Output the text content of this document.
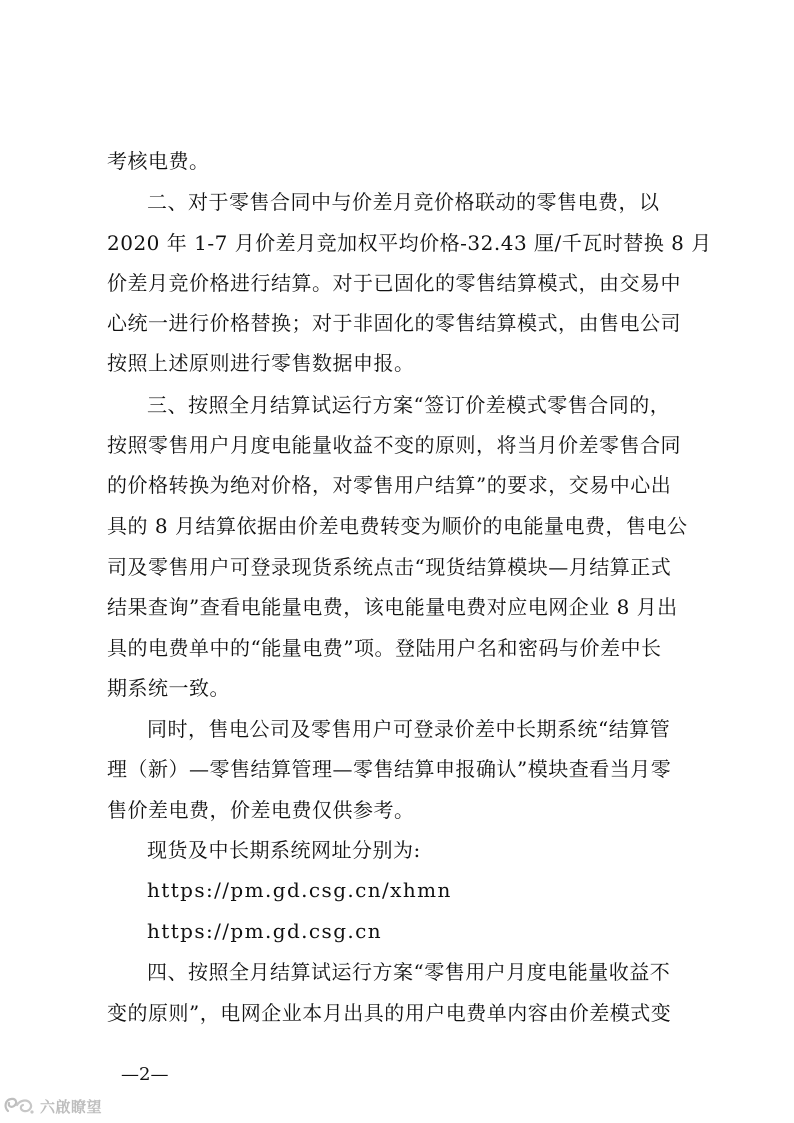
考核电费。
二、对于零售合同中与价差月竞价格联动的零售电费，以
2020 年 1-7 月价差月竞加权平均价格-32.43 厘/千瓦时替换 8 月
价差月竞价格进行结算。对于已固化的零售结算模式，由交易中
心统一进行价格替换；对于非固化的零售结算模式，由售电公司
按照上述原则进行零售数据申报。
三、按照全月结算试运行方案“签订价差模式零售合同的，
按照零售用户月度电能量收益不变的原则，将当月价差零售合同
的价格转换为绝对价格，对零售用户结算”的要求，交易中心出
具的 8 月结算依据由价差电费转变为顺价的电能量电费，售电公
司及零售用户可登录现货系统点击“现货结算模块—月结算正式
结果查询”查看电能量电费，该电能量电费对应电网企业 8 月出
具的电费单中的“能量电费”项。登陆用户名和密码与价差中长
期系统一致。
同时，售电公司及零售用户可登录价差中长期系统“结算管
理（新）—零售结算管理—零售结算申报确认”模块查看当月零
售价差电费，价差电费仅供参考。
现货及中长期系统网址分别为:
https://pm.gd.csg.cn/xhmn
https://pm.gd.csg.cn
四、按照全月结算试运行方案“零售用户月度电能量收益不
变的原则”，电网企业本月出具的用户电费单内容由价差模式变
—2—
六啟瞭望
